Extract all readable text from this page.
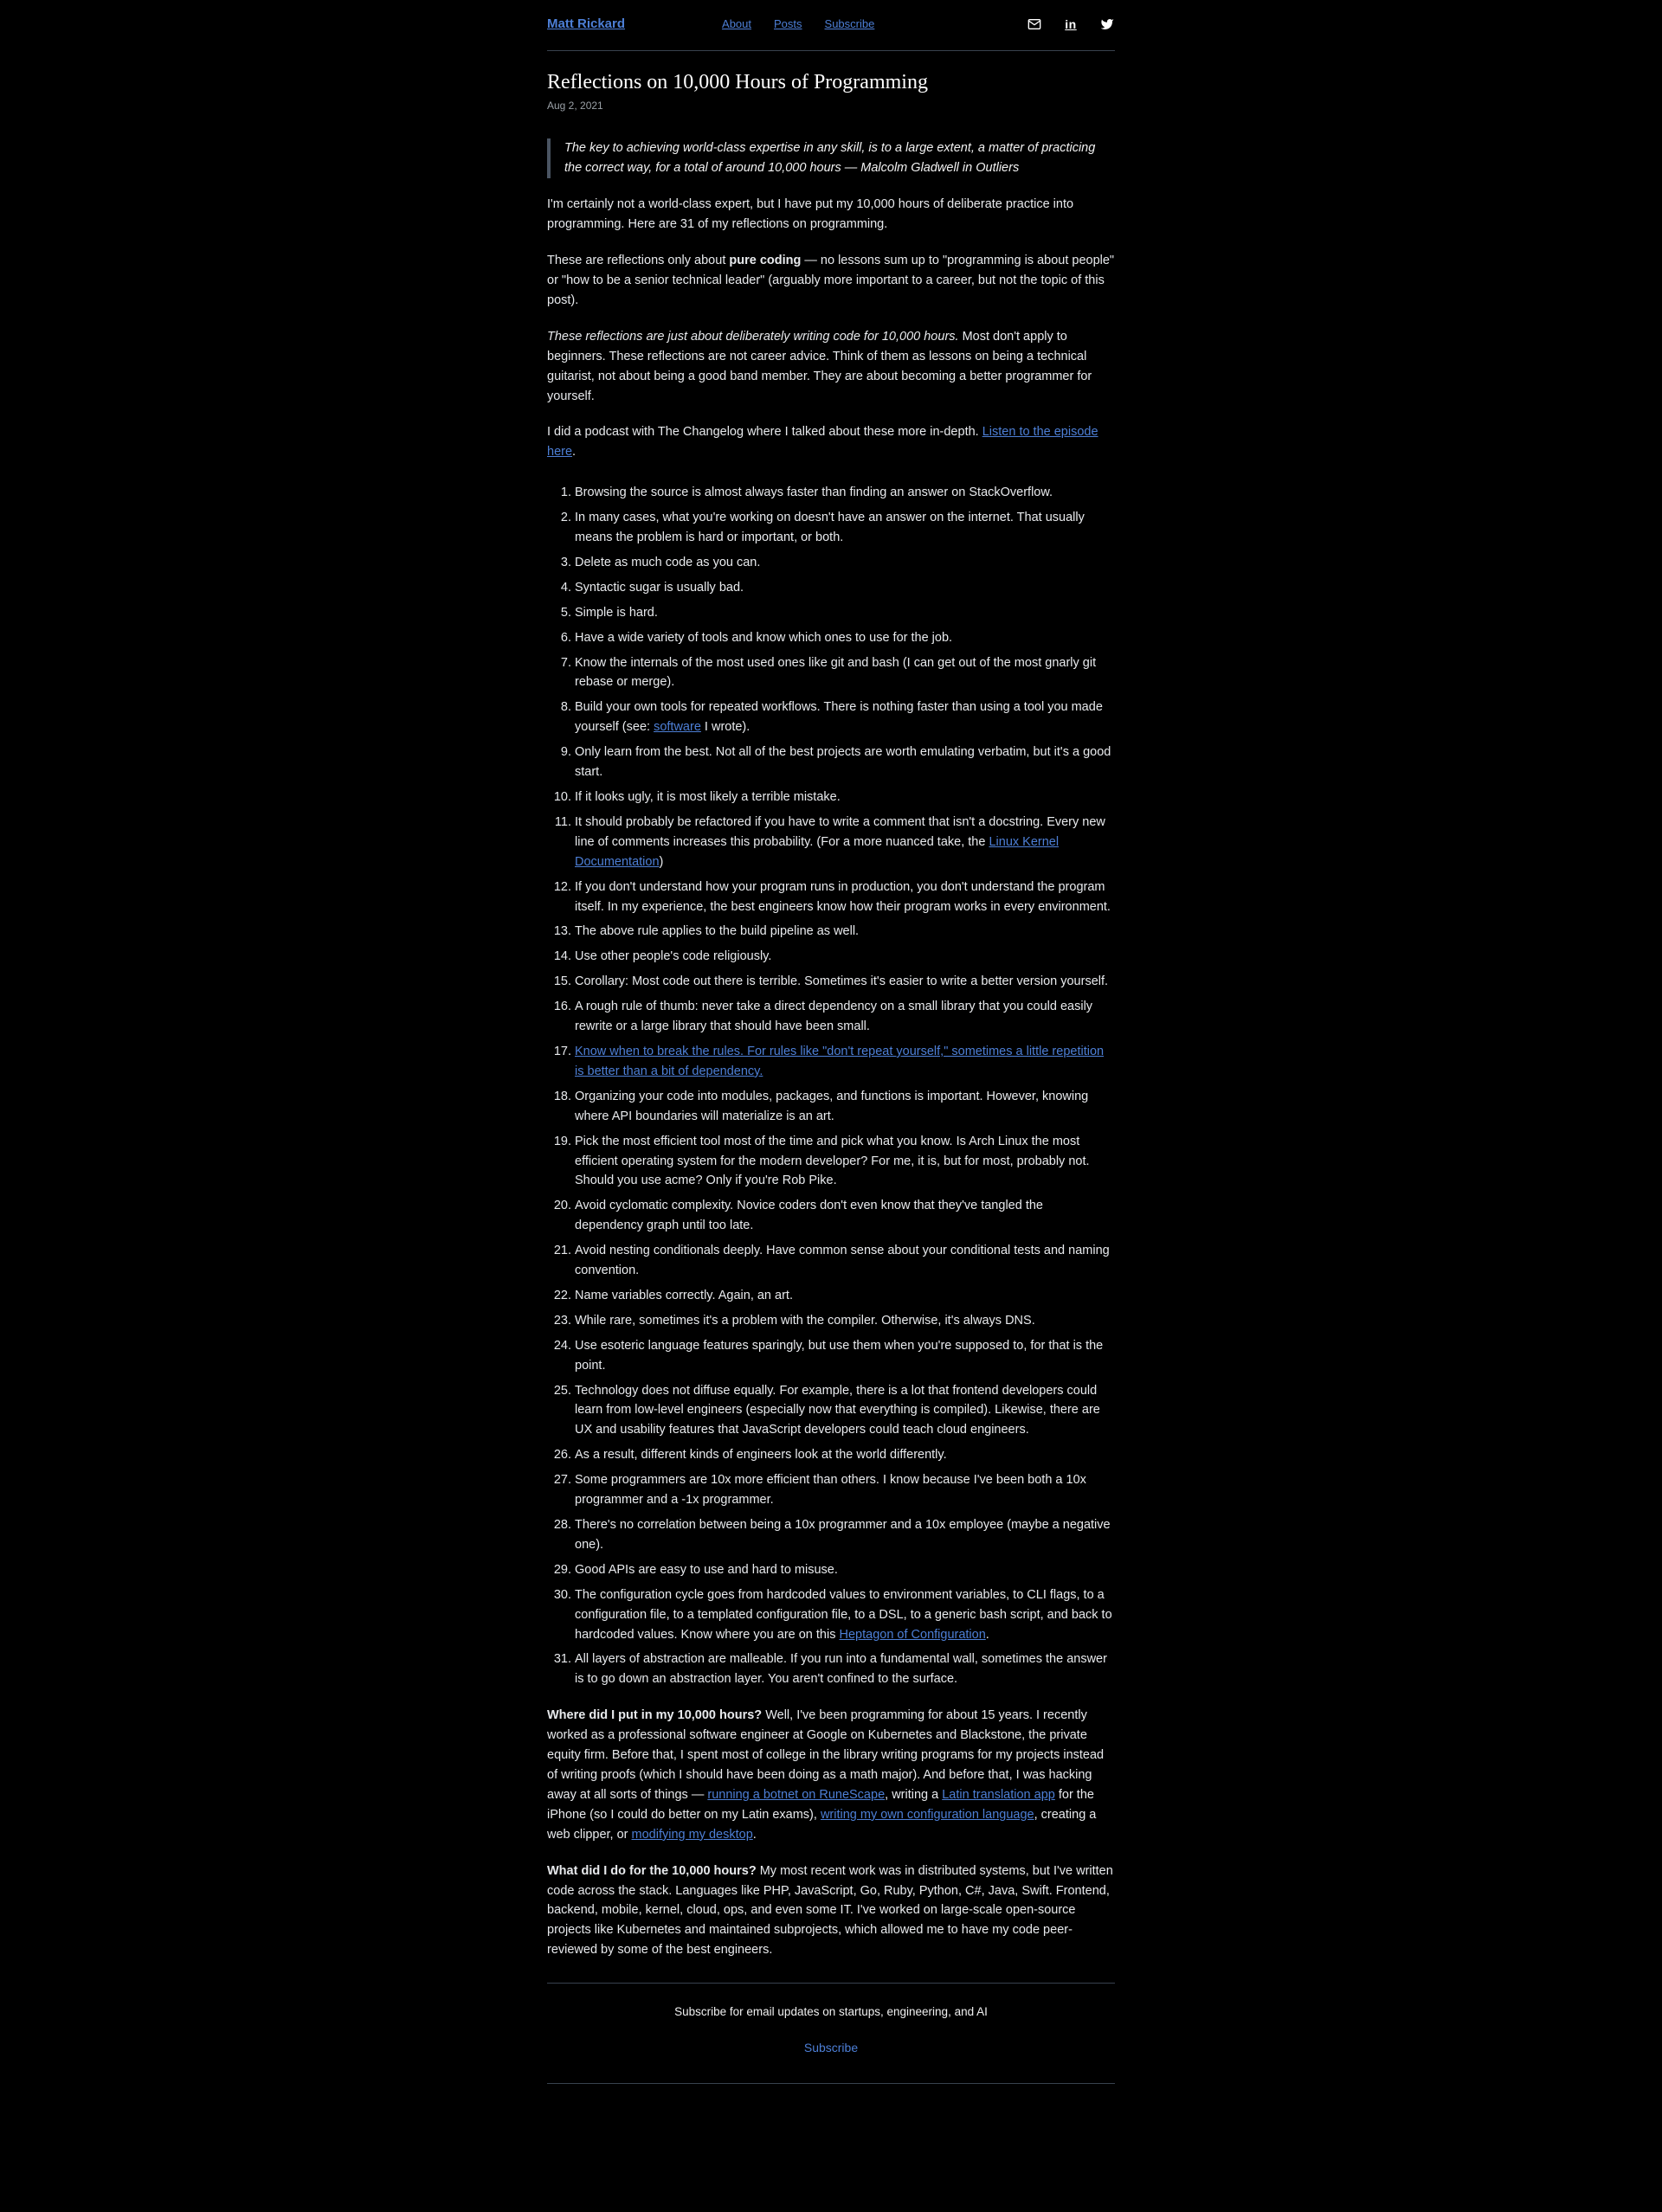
Matt Rickard	About Posts Subscribe	in
Reflections on 10,000 Hours of Programming
Aug 2, 2021
The key to achieving world-class expertise in any skill, is to a large extent, a matter of practicing the correct way, for a total of around 10,000 hours — Malcolm Gladwell in Outliers

I'm certainly not a world-class expert, but I have put my 10,000 hours of deliberate practice into programming. Here are 31 of my reflections on programming.

These are reflections only about pure coding — no lessons sum up to "programming is about people" or "how to be a senior technical leader" (arguably more important to a career, but not the topic of this post).

These reflections are just about deliberately writing code for 10,000 hours. Most don't apply to beginners. These reflections are not career advice. Think of them as lessons on being a technical guitarist, not about being a good band member. They are about becoming a better programmer for yourself.

I did a podcast with The Changelog where I talked about these more in-depth. Listen to the episode here.

1. Browsing the source is almost always faster than finding an answer on StackOverflow.
2. In many cases, what you're working on doesn't have an answer on the internet. That usually means the problem is hard or important, or both.
3. Delete as much code as you can.
4. Syntactic sugar is usually bad.
5. Simple is hard.
6. Have a wide variety of tools and know which ones to use for the job.
7. Know the internals of the most used ones like git and bash (I can get out of the most gnarly git rebase or merge).
8. Build your own tools for repeated workflows. There is nothing faster than using a tool you made yourself (see: software I wrote).
9. Only learn from the best. Not all of the best projects are worth emulating verbatim, but it's a good start.
10. If it looks ugly, it is most likely a terrible mistake.
11. It should probably be refactored if you have to write a comment that isn't a docstring. Every new line of comments increases this probability. (For a more nuanced take, the Linux Kernel Documentation)
12. If you don't understand how your program runs in production, you don't understand the program itself. In my experience, the best engineers know how their program works in every environment.
13. The above rule applies to the build pipeline as well.
14. Use other people's code religiously.
15. Corollary: Most code out there is terrible. Sometimes it's easier to write a better version yourself.
16. A rough rule of thumb: never take a direct dependency on a small library that you could easily rewrite or a large library that should have been small.
17. Know when to break the rules. For rules like "don't repeat yourself," sometimes a little repetition is better than a bit of dependency.
18. Organizing your code into modules, packages, and functions is important. However, knowing where API boundaries will materialize is an art.
19. Pick the most efficient tool most of the time and pick what you know. Is Arch Linux the most efficient operating system for the modern developer? For me, it is, but for most, probably not. Should you use acme? Only if you're Rob Pike.
20. Avoid cyclomatic complexity. Novice coders don't even know that they've tangled the dependency graph until too late.
21. Avoid nesting conditionals deeply. Have common sense about your conditional tests and naming convention.
22. Name variables correctly. Again, an art.
23. While rare, sometimes it's a problem with the compiler. Otherwise, it's always DNS.
24. Use esoteric language features sparingly, but use them when you're supposed to, for that is the point.
25. Technology does not diffuse equally. For example, there is a lot that frontend developers could learn from low-level engineers (especially now that everything is compiled). Likewise, there are UX and usability features that JavaScript developers could teach cloud engineers.
26. As a result, different kinds of engineers look at the world differently.
27. Some programmers are 10x more efficient than others. I know because I've been both a 10x programmer and a -1x programmer.
28. There's no correlation between being a 10x programmer and a 10x employee (maybe a negative one).
29. Good APIs are easy to use and hard to misuse.
30. The configuration cycle goes from hardcoded values to environment variables, to CLI flags, to a configuration file, to a templated configuration file, to a DSL, to a generic bash script, and back to hardcoded values. Know where you are on this Heptagon of Configuration.
31. All layers of abstraction are malleable. If you run into a fundamental wall, sometimes the answer is to go down an abstraction layer. You aren't confined to the surface.

Where did I put in my 10,000 hours? Well, I've been programming for about 15 years. I recently worked as a professional software engineer at Google on Kubernetes and Blackstone, the private equity firm. Before that, I spent most of college in the library writing programs for my projects instead of writing proofs (which I should have been doing as a math major). And before that, I was hacking away at all sorts of things — running a botnet on RuneScape, writing a Latin translation app for the iPhone (so I could do better on my Latin exams), writing my own configuration language, creating a web clipper, or modifying my desktop.

What did I do for the 10,000 hours? My most recent work was in distributed systems, but I've written code across the stack. Languages like PHP, JavaScript, Go, Ruby, Python, C#, Java, Swift. Frontend, backend, mobile, kernel, cloud, ops, and even some IT. I've worked on large-scale open-source projects like Kubernetes and maintained subprojects, which allowed me to have my code peer-reviewed by some of the best engineers.

Subscribe for email updates on startups, engineering, and AI
Subscribe
